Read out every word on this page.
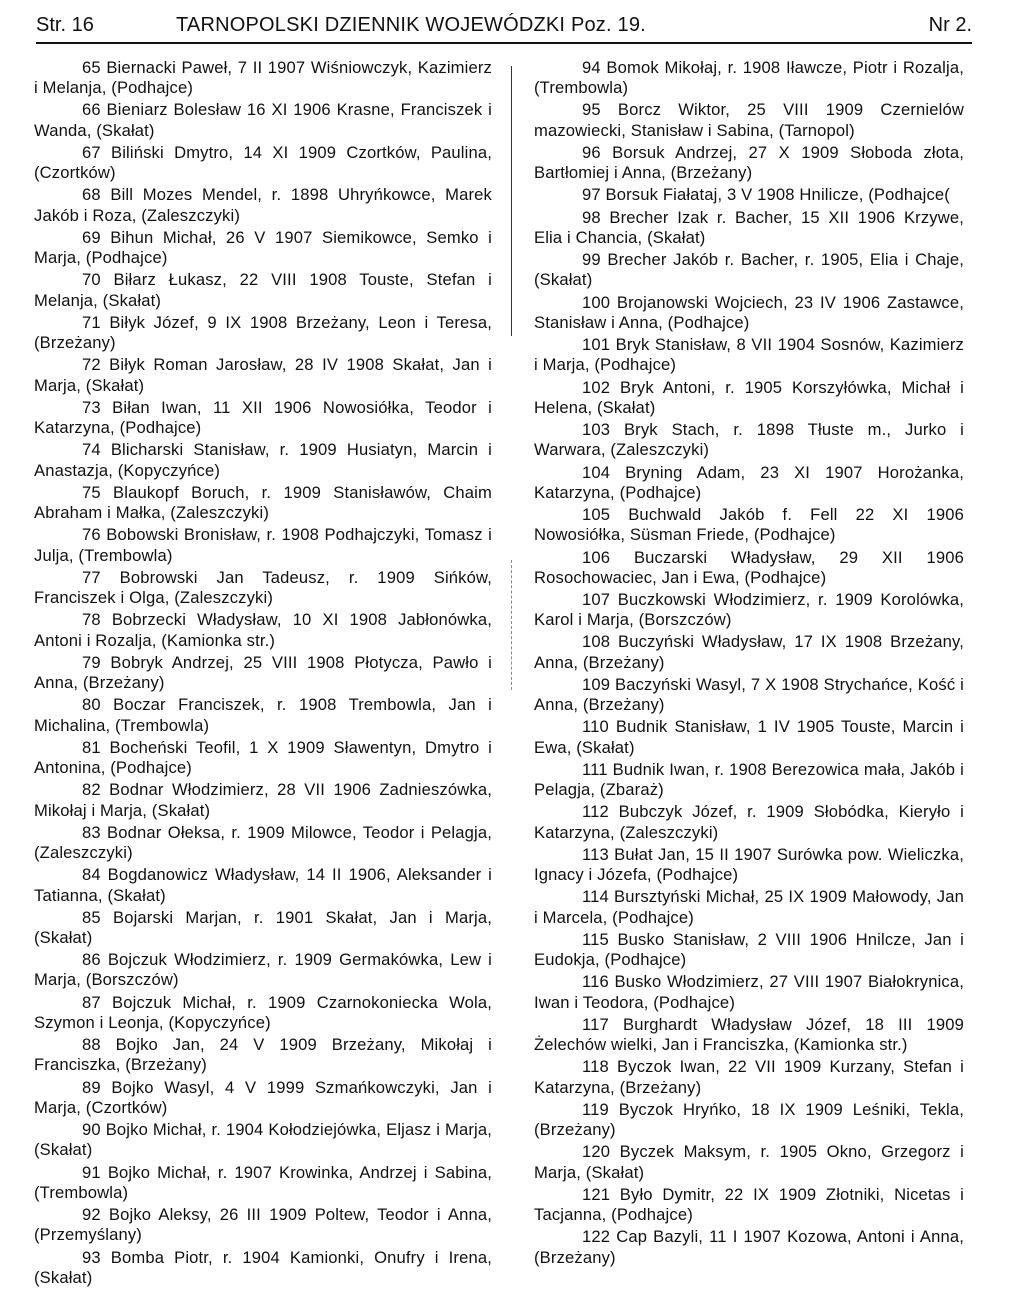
Str. 16	TARNOPOLSKI DZIENNIK WOJEWÓDZKI Poz. 19.	Nr 2.

65 Biernacki Paweł, 7 II 1907 Wiśniowczyk, Kazimierz i Melanja, (Podhajce)

66 Bieniarz Bolesław 16 XI 1906 Krasne, Franciszek i Wanda, (Skałat)

67 Biliński Dmytro, 14 XI 1909 Czortków, Paulina, (Czortków)

68 Bill Mozes Mendel, r. 1898 Uhryńkowce, Marek Jakób i Roza, (Zaleszczyki)

69 Bihun Michał, 26 V 1907 Siemikowce, Semko i Marja, (Podhajce)

70 Biłarz Łukasz, 22 VIII 1908 Touste, Stefan i Melanja, (Skałat)

71 Biłyk Józef, 9 IX 1908 Brzeżany, Leon i Teresa, (Brzeżany)

72 Biłyk Roman Jarosław, 28 IV 1908 Skałat, Jan i Marja, (Skałat)

73 Biłan Iwan, 11 XII 1906 Nowosiółka, Teodor i Katarzyna, (Podhajce)

74 Blicharski Stanisław, r. 1909 Husiatyn, Marcin i Anastazja, (Kopyczyńce)

75 Blaukopf Boruch, r. 1909 Stanisławów, Chaim Abraham i Małka, (Zaleszczyki)

76 Bobowski Bronisław, r. 1908 Podhajczyki, Tomasz i Julja, (Trembowla)

77 Bobrowski Jan Tadeusz, r. 1909 Sińków, Franciszek i Olga, (Zaleszczyki)

78 Bobrzecki Władysław, 10 XI 1908 Jabłonówka, Antoni i Rozalja, (Kamionka str.)

79 Bobryk Andrzej, 25 VIII 1908 Płotycza, Pawło i Anna, (Brzeżany)

80 Boczar Franciszek, r. 1908 Trembowla, Jan i Michalina, (Trembowla)

81 Bocheński Teofil, 1 X 1909 Sławentyn, Dmytro i Antonina, (Podhajce)

82 Bodnar Włodzimierz, 28 VII 1906 Zadnieszówka, Mikołaj i Marja, (Skałat)

83 Bodnar Ołeksa, r. 1909 Milowce, Teodor i Pelagja, (Zaleszczyki)

84 Bogdanowicz Władysław, 14 II 1906, Aleksander i Tatianna, (Skałat)

85 Bojarski Marjan, r. 1901 Skałat, Jan i Marja, (Skałat)

86 Bojczuk Włodzimierz, r. 1909 Germakówka, Lew i Marja, (Borszczów)

87 Bojczuk Michał, r. 1909 Czarnokoniecka Wola, Szymon i Leonja, (Kopyczyńce)

88 Bojko Jan, 24 V 1909 Brzeżany, Mikołaj i Franciszka, (Brzeżany)

89 Bojko Wasyl, 4 V 1999 Szmańkowczyki, Jan i Marja, (Czortków)

90 Bojko Michał, r. 1904 Kołodziejówka, Eljasz i Marja, (Skałat)

91 Bojko Michał, r. 1907 Krowinka, Andrzej i Sabina, (Trembowla)

92 Bojko Aleksy, 26 III 1909 Poltew, Teodor i Anna, (Przemyślany)

93 Bomba Piotr, r. 1904 Kamionki, Onufry i Irena, (Skałat)

94 Bomok Mikołaj, r. 1908 Iławcze, Piotr i Rozalja, (Trembowla)

95 Borcz Wiktor, 25 VIII 1909 Czernielów mazowiecki, Stanisław i Sabina, (Tarnopol)

96 Borsuk Andrzej, 27 X 1909 Słoboda złota, Bartłomiej i Anna, (Brzeżany)

97 Borsuk Fiałataj, 3 V 1908 Hnilicze, (Podhajce(

98 Brecher Izak r. Bacher, 15 XII 1906 Krzywe, Elia i Chancia, (Skałat)

99 Brecher Jakób r. Bacher, r. 1905, Elia i Chaje, (Skałat)

100 Brojanowski Wojciech, 23 IV 1906 Zastawce, Stanisław i Anna, (Podhajce)

101 Bryk Stanisław, 8 VII 1904 Sosnów, Kazimierz i Marja, (Podhajce)

102 Bryk Antoni, r. 1905 Korszyłówka, Michał i Helena, (Skałat)

103 Bryk Stach, r. 1898 Tłuste m., Jurko i Warwara, (Zaleszczyki)

104 Bryning Adam, 23 XI 1907 Horożanka, Katarzyna, (Podhajce)

105 Buchwald Jakób f. Fell 22 XI 1906 Nowosiółka, Süsman Friede, (Podhajce)

106 Buczarski Władysław, 29 XII 1906 Rosochowaciec, Jan i Ewa, (Podhajce)

107 Buczkowski Włodzimierz, r. 1909 Korolówka, Karol i Marja, (Borszczów)

108 Buczyński Władysław, 17 IX 1908 Brzeżany, Anna, (Brzeżany)

109 Baczyński Wasyl, 7 X 1908 Strychańce, Kość i Anna, (Brzeżany)

110 Budnik Stanisław, 1 IV 1905 Touste, Marcin i Ewa, (Skałat)

111 Budnik Iwan, r. 1908 Berezowica mała, Jakób i Pelagja, (Zbaraż)

112 Bubczyk Józef, r. 1909 Słobódka, Kieryło i Katarzyna, (Zaleszczyki)

113 Bułat Jan, 15 II 1907 Surówka pow. Wieliczka, Ignacy i Józefa, (Podhajce)

114 Bursztyński Michał, 25 IX 1909 Małowody, Jan i Marcela, (Podhajce)

115 Busko Stanisław, 2 VIII 1906 Hnilcze, Jan i Eudokja, (Podhajce)

116 Busko Włodzimierz, 27 VIII 1907 Białokrynica, Iwan i Teodora, (Podhajce)

117 Burghardt Władysław Józef, 18 III 1909 Żelechów wielki, Jan i Franciszka, (Kamionka str.)

118 Byczok Iwan, 22 VII 1909 Kurzany, Stefan i Katarzyna, (Brzeżany)

119 Byczok Hryńko, 18 IX 1909 Leśniki, Tekla, (Brzeżany)

120 Byczek Maksym, r. 1905 Okno, Grzegorz i Marja, (Skałat)

121 Było Dymitr, 22 IX 1909 Złotniki, Nicetas i Tacjanna, (Podhajce)

122 Cap Bazyli, 11 I 1907 Kozowa, Antoni i Anna, (Brzeżany)
